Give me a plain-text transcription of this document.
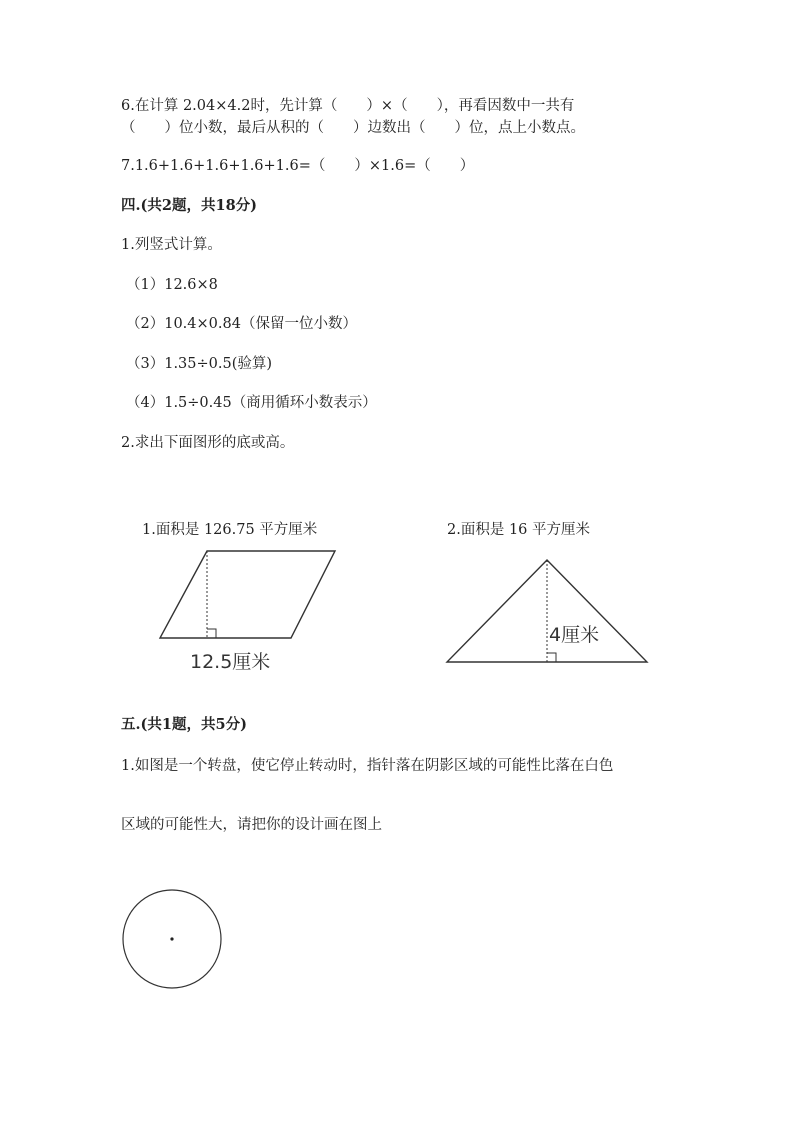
6.在计算 2.04×4.2时，先计算（　　）×（　　），再看因数中一共有
（　　）位小数，最后从积的（　　）边数出（　　）位，点上小数点。
7.1.6+1.6+1.6+1.6+1.6=（　　）×1.6=（　　）
四.(共2题，共18分)
1.列竖式计算。
（1）12.6×8
（2）10.4×0.84（保留一位小数）
（3）1.35÷0.5(验算)
（4）1.5÷0.45（商用循环小数表示）
2.求出下面图形的底或高。
1.面积是 126.75 平方厘米
12.5厘米
2.面积是 16 平方厘米
4厘米
五.(共1题，共5分)
1.如图是一个转盘，使它停止转动时，指针落在阴影区域的可能性比落在白色
区域的可能性大，请把你的设计画在图上
